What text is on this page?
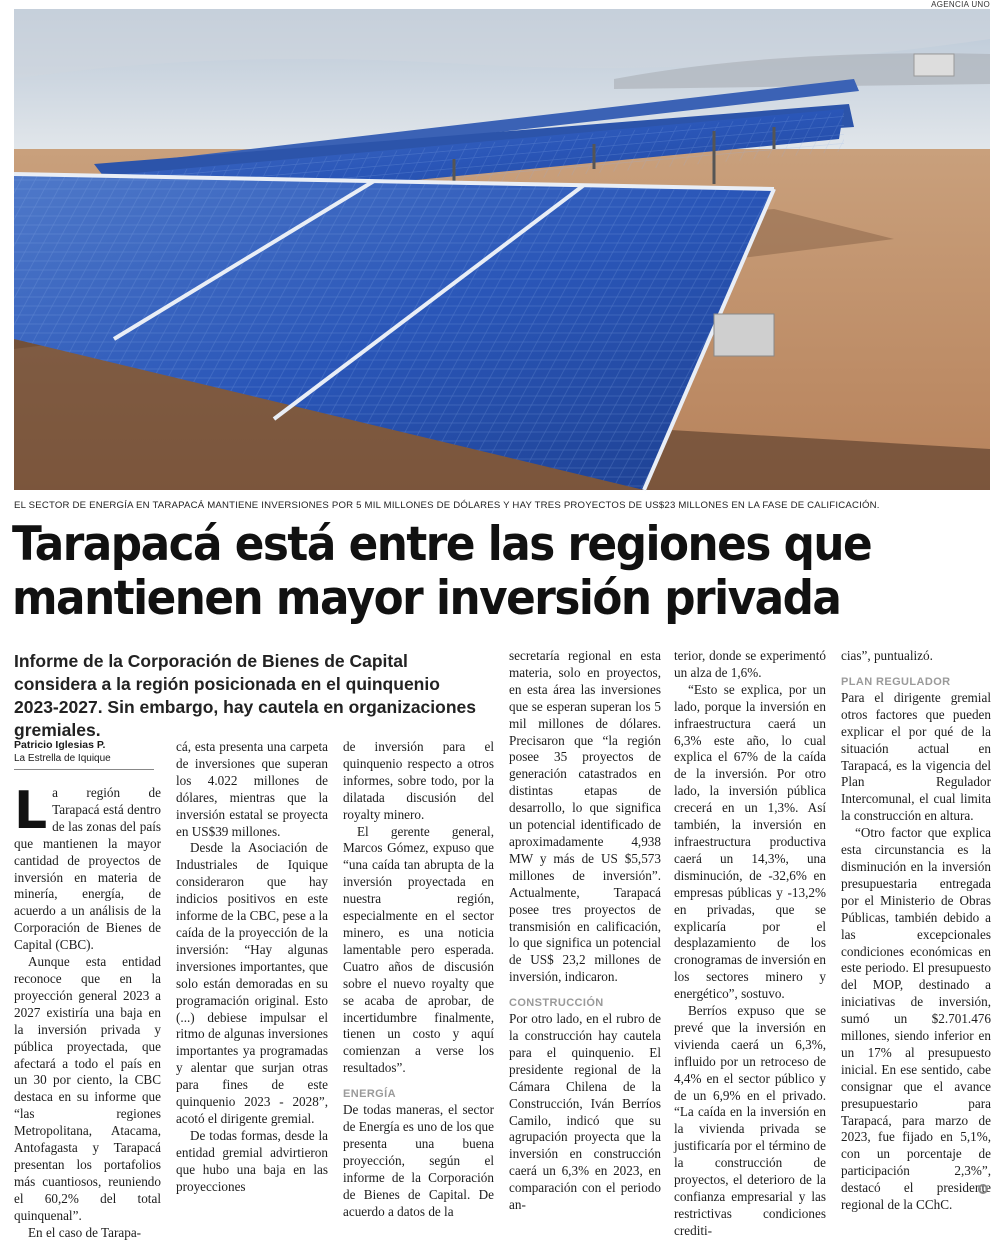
AGENCIA UNO
EL SECTOR DE ENERGÍA EN TARAPACÁ MANTIENE INVERSIONES POR 5 MIL MILLONES DE DÓLARES Y HAY TRES PROYECTOS DE US$23 MILLONES EN LA FASE DE CALIFICACIÓN.
Tarapacá está entre las regiones que
mantienen mayor inversión privada
Informe de la Corporación de Bienes de Capital considera a la región posicionada en el quinquenio 2023-2027. Sin embargo, hay cautela en organizaciones gremiales.
Patricio Iglesias P.
La Estrella de Iquique

La región de Tarapacá está dentro de las zonas del país que mantienen la mayor cantidad de proyectos de inversión en materia de minería, energía, de acuerdo a un análisis de la Corporación de Bienes de Capital (CBC).

Aunque esta entidad reconoce que en la proyección general 2023 a 2027 existiría una baja en la inversión privada y pública proyectada, que afectará a todo el país en un 30 por ciento, la CBC destaca en su informe que “las regiones Metropolitana, Atacama, Antofagasta y Tarapacá presentan los portafolios más cuantiosos, reuniendo el 60,2% del total quinquenal”.

En el caso de Tarapa-

cá, esta presenta una carpeta de inversiones que superan los 4.022 millones de dólares, mientras que la inversión estatal se proyecta en US$39 millones.

Desde la Asociación de Industriales de Iquique consideraron que hay indicios positivos en este informe de la CBC, pese a la caída de la proyección de la inversión: “Hay algunas inversiones importantes, que solo están demoradas en su programación original. Esto (...) debiese impulsar el ritmo de algunas inversiones importantes ya programadas y alentar que surjan otras para fines de este quinquenio 2023 - 2028”, acotó el dirigente gremial.

De todas formas, desde la entidad gremial advirtieron que hubo una baja en las proyecciones

de inversión para el quinquenio respecto a otros informes, sobre todo, por la dilatada discusión del royalty minero.

El gerente general, Marcos Gómez, expuso que “una caída tan abrupta de la inversión proyectada en nuestra región, especialmente en el sector minero, es una noticia lamentable pero esperada. Cuatro años de discusión sobre el nuevo royalty que se acaba de aprobar, de incertidumbre finalmente, tienen un costo y aquí comienzan a verse los resultados”.

ENERGÍA

De todas maneras, el sector de Energía es uno de los que presenta una buena proyección, según el informe de la Corporación de Bienes de Capital. De acuerdo a datos de la

secretaría regional en esta materia, solo en proyectos, en esta área las inversiones que se esperan superan los 5 mil millones de dólares. Precisaron que “la región posee 35 proyectos de generación catastrados en distintas etapas de desarrollo, lo que significa un potencial identificado de aproximadamente 4,938 MW y más de US $5,573 millones de inversión”. Actualmente, Tarapacá posee tres proyectos de transmisión en calificación, lo que significa un potencial de US$ 23,2 millones de inversión, indicaron.

CONSTRUCCIÓN

Por otro lado, en el rubro de la construcción hay cautela para el quinquenio. El presidente regional de la Cámara Chilena de la Construcción, Iván Berríos Camilo, indicó que su agrupación proyecta que la inversión en construcción caerá un 6,3% en 2023, en comparación con el periodo an-

terior, donde se experimentó un alza de 1,6%.

“Esto se explica, por un lado, porque la inversión en infraestructura caerá un 6,3% este año, lo cual explica el 67% de la caída de la inversión. Por otro lado, la inversión pública crecerá en un 1,3%. Así también, la inversión en infraestructura productiva caerá un 14,3%, una disminución, de -32,6% en empresas públicas y -13,2% en privadas, que se explicaría por el desplazamiento de los cronogramas de inversión en los sectores minero y energético”, sostuvo.

Berríos expuso que se prevé que la inversión en vivienda caerá un 6,3%, influido por un retroceso de 4,4% en el sector público y de un 6,9% en el privado. “La caída en la inversión en la vivienda privada se justificaría por el término de la construcción de proyectos, el deterioro de la confianza empresarial y las restrictivas condiciones crediti-

cias”, puntualizó.

PLAN REGULADOR

Para el dirigente gremial otros factores que pueden explicar el por qué de la situación actual en Tarapacá, es la vigencia del Plan Regulador Intercomunal, el cual limita la construcción en altura.

“Otro factor que explica esta circunstancia es la disminución en la inversión presupuestaria entregada por el Ministerio de Obras Públicas, también debido a las excepcionales condiciones económicas en este periodo. El presupuesto del MOP, destinado a iniciativas de inversión, sumó un $2.701.476 millones, siendo inferior en un 17% al presupuesto inicial. En ese sentido, cabe consignar que el avance presupuestario para Tarapacá, para marzo de 2023, fue fijado en 5,1%, con un porcentaje de participación 2,3%”, destacó el presidente regional de la CChC.
